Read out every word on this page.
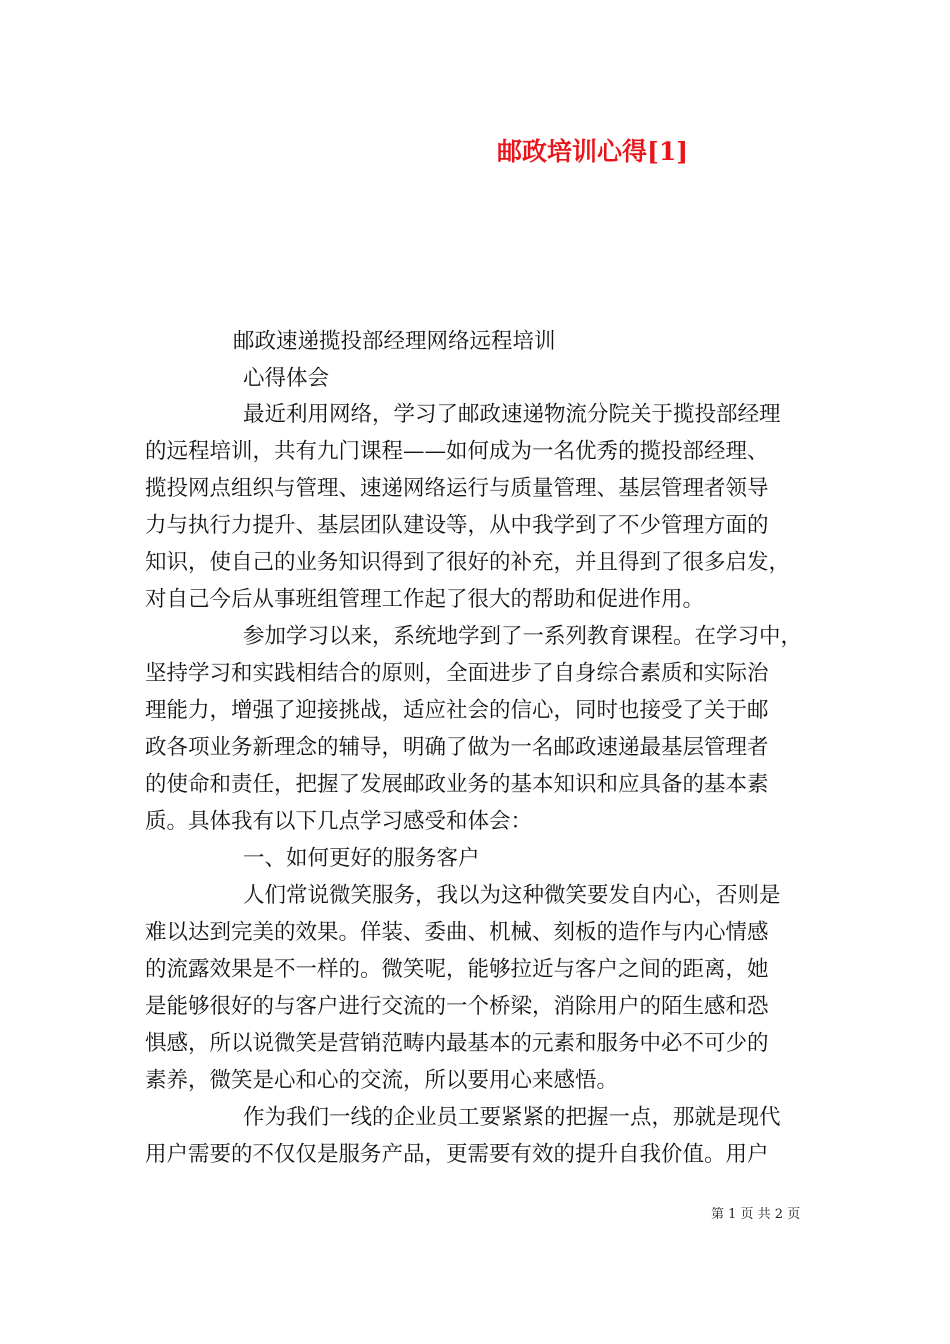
邮政培训心得[1]
邮政速递揽投部经理网络远程培训
心得体会
最近利用网络，学习了邮政速递物流分院关于揽投部经理
的远程培训，共有九门课程——如何成为一名优秀的揽投部经理、
揽投网点组织与管理、速递网络运行与质量管理、基层管理者领导
力与执行力提升、基层团队建设等，从中我学到了不少管理方面的
知识，使自己的业务知识得到了很好的补充，并且得到了很多启发，
对自己今后从事班组管理工作起了很大的帮助和促进作用。
参加学习以来，系统地学到了一系列教育课程。在学习中，
坚持学习和实践相结合的原则，全面进步了自身综合素质和实际治
理能力，增强了迎接挑战，适应社会的信心，同时也接受了关于邮
政各项业务新理念的辅导，明确了做为一名邮政速递最基层管理者
的使命和责任，把握了发展邮政业务的基本知识和应具备的基本素
质。具体我有以下几点学习感受和体会：
一、如何更好的服务客户
人们常说微笑服务，我以为这种微笑要发自内心，否则是
难以达到完美的效果。佯装、委曲、机械、刻板的造作与内心情感
的流露效果是不一样的。微笑呢，能够拉近与客户之间的距离，她
是能够很好的与客户进行交流的一个桥梁，消除用户的陌生感和恐
惧感，所以说微笑是营销范畴内最基本的元素和服务中必不可少的
素养，微笑是心和心的交流，所以要用心来感悟。
作为我们一线的企业员工要紧紧的把握一点，那就是现代
用户需要的不仅仅是服务产品，更需要有效的提升自我价值。用户
第 1 页 共 2 页
